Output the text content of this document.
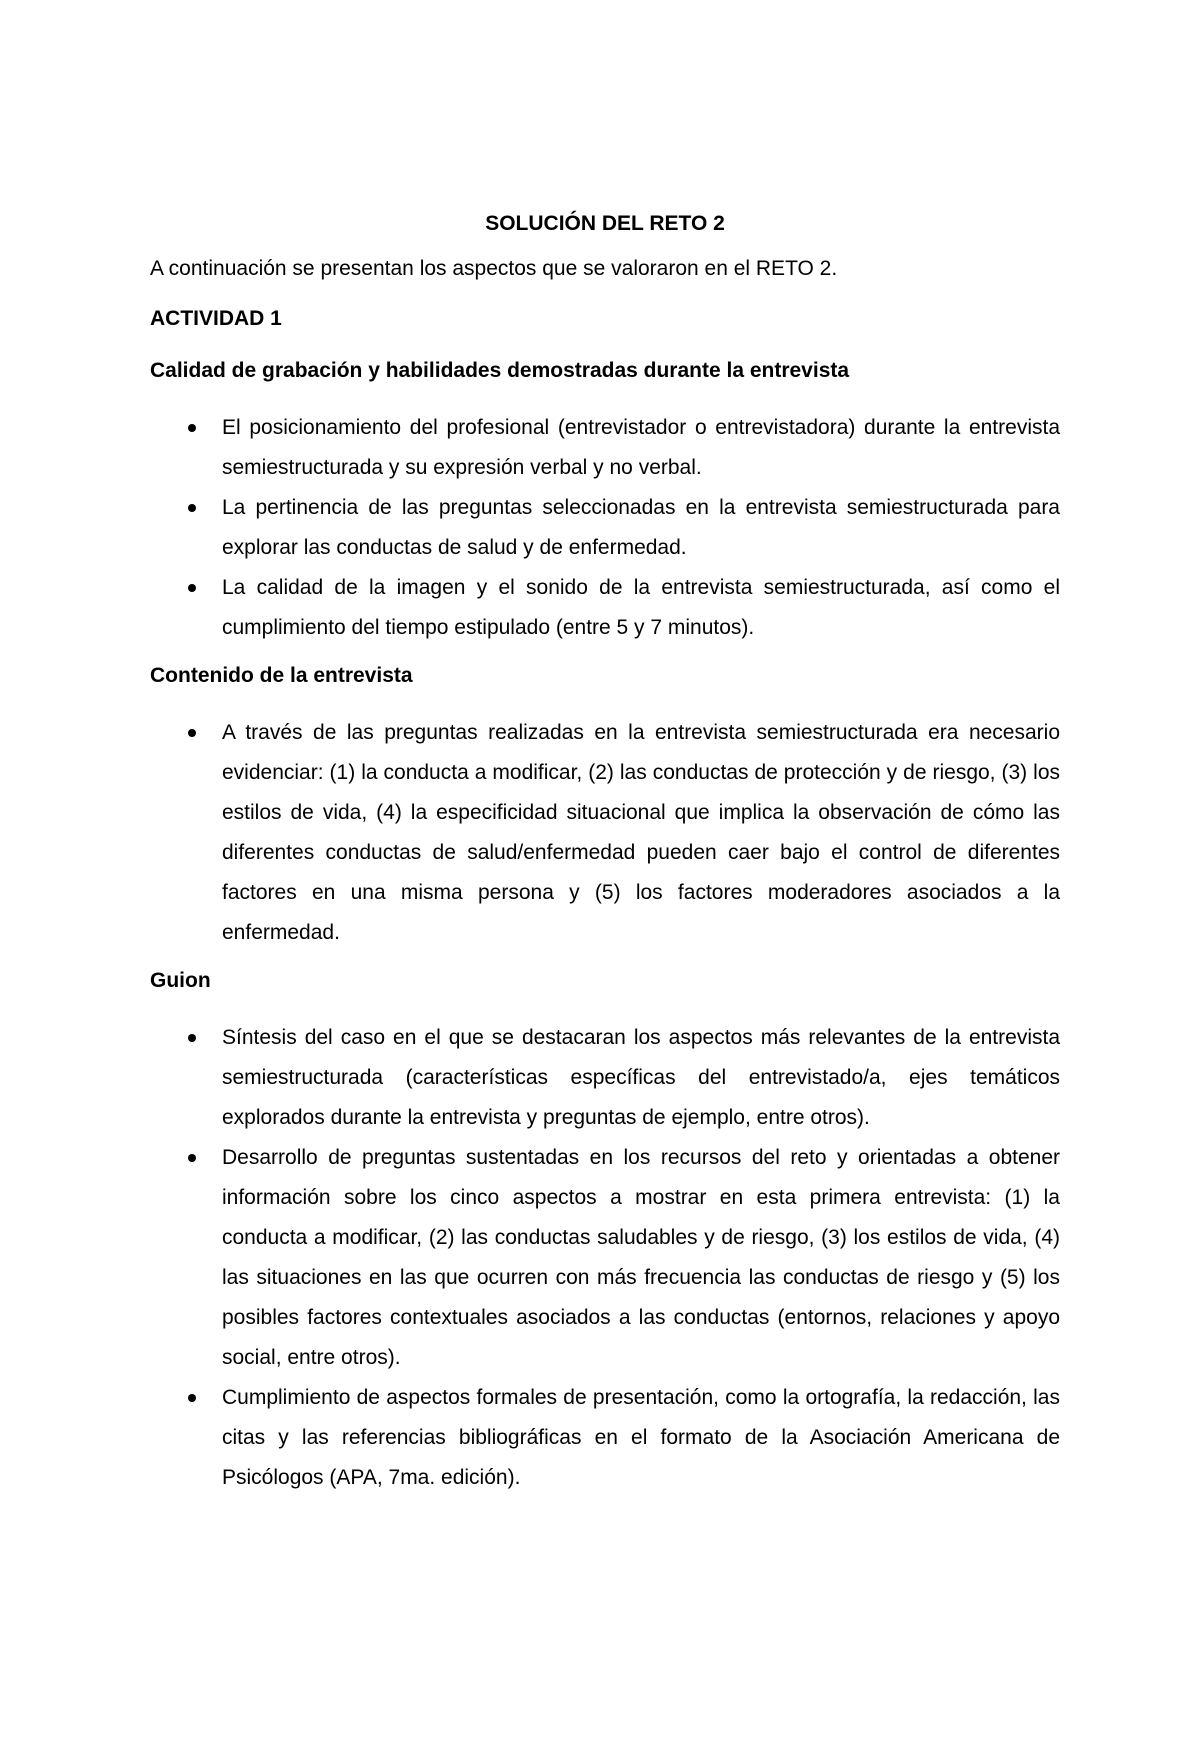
SOLUCIÓN DEL RETO 2

A continuación se presentan los aspectos que se valoraron en el RETO 2.

ACTIVIDAD 1

Calidad de grabación y habilidades demostradas durante la entrevista

El posicionamiento del profesional (entrevistador o entrevistadora) durante la entrevista semiestructurada y su expresión verbal y no verbal.
La pertinencia de las preguntas seleccionadas en la entrevista semiestructurada para explorar las conductas de salud y de enfermedad.
La calidad de la imagen y el sonido de la entrevista semiestructurada, así como el cumplimiento del tiempo estipulado (entre 5 y 7 minutos).

Contenido de la entrevista

A través de las preguntas realizadas en la entrevista semiestructurada era necesario evidenciar: (1) la conducta a modificar, (2) las conductas de protección y de riesgo, (3) los estilos de vida, (4) la especificidad situacional que implica la observación de cómo las diferentes conductas de salud/enfermedad pueden caer bajo el control de diferentes factores en una misma persona y (5) los factores moderadores asociados a la enfermedad.

Guion

Síntesis del caso en el que se destacaran los aspectos más relevantes de la entrevista semiestructurada (características específicas del entrevistado/a, ejes temáticos explorados durante la entrevista y preguntas de ejemplo, entre otros).
Desarrollo de preguntas sustentadas en los recursos del reto y orientadas a obtener información sobre los cinco aspectos a mostrar en esta primera entrevista: (1) la conducta a modificar, (2) las conductas saludables y de riesgo, (3) los estilos de vida, (4) las situaciones en las que ocurren con más frecuencia las conductas de riesgo y (5) los posibles factores contextuales asociados a las conductas (entornos, relaciones y apoyo social, entre otros).
Cumplimiento de aspectos formales de presentación, como la ortografía, la redacción, las citas y las referencias bibliográficas en el formato de la Asociación Americana de Psicólogos (APA, 7ma. edición).
